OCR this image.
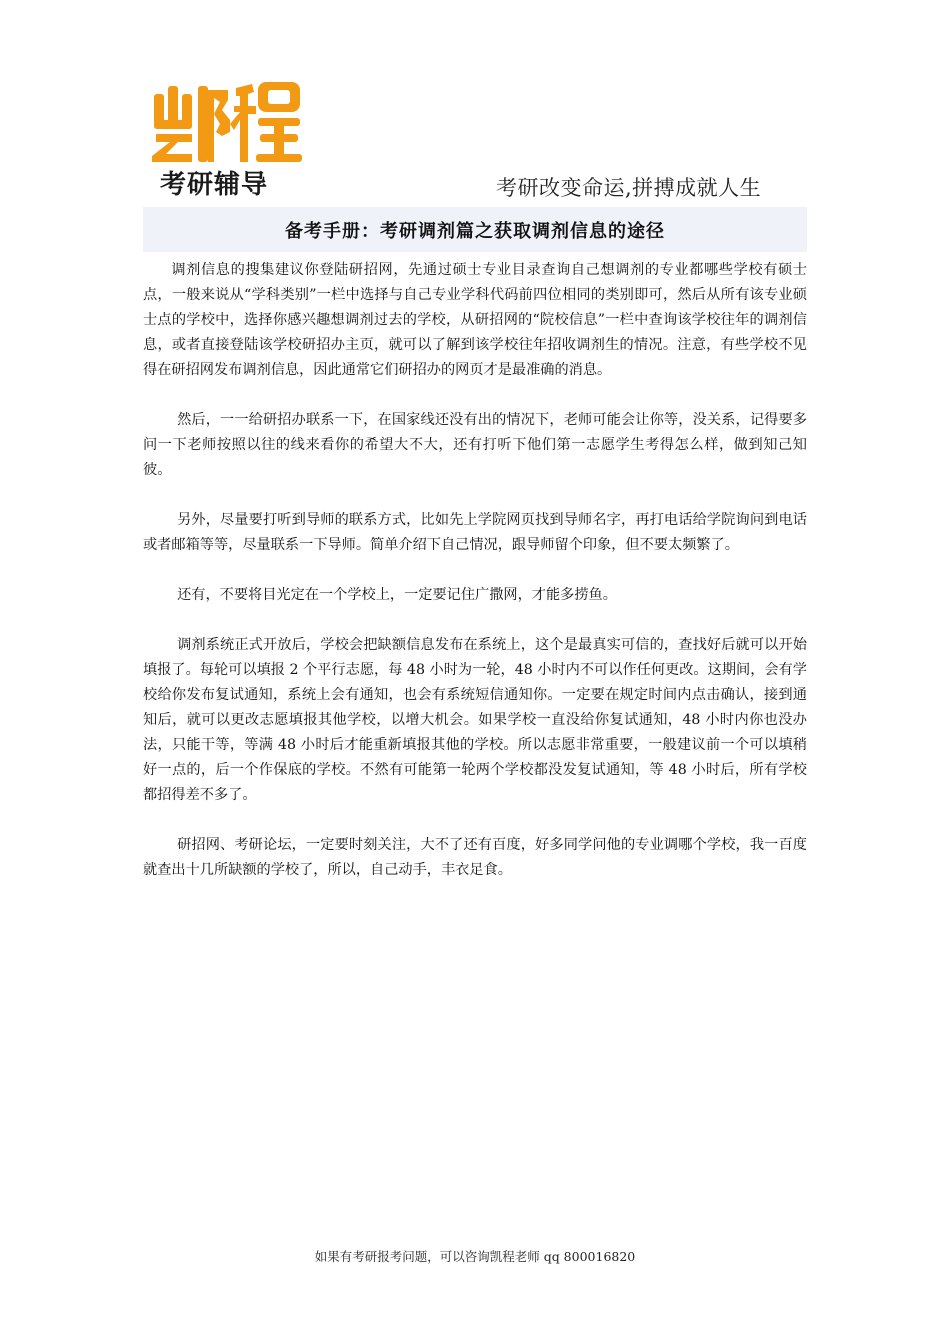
考研辅导	考研改变命运,拼搏成就人生
备考手册：考研调剂篇之获取调剂信息的途径

调剂信息的搜集建议你登陆研招网，先通过硕士专业目录查询自己想调剂的专业都哪些学校有硕士点，一般来说从“学科类别”一栏中选择与自己专业学科代码前四位相同的类别即可，然后从所有该专业硕士点的学校中，选择你感兴趣想调剂过去的学校，从研招网的“院校信息”一栏中查询该学校往年的调剂信息，或者直接登陆该学校研招办主页，就可以了解到该学校往年招收调剂生的情况。注意，有些学校不见得在研招网发布调剂信息，因此通常它们研招办的网页才是最准确的消息。

然后，一一给研招办联系一下，在国家线还没有出的情况下，老师可能会让你等，没关系，记得要多问一下老师按照以往的线来看你的希望大不大，还有打听下他们第一志愿学生考得怎么样，做到知己知彼。

另外，尽量要打听到导师的联系方式，比如先上学院网页找到导师名字，再打电话给学院询问到电话或者邮箱等等，尽量联系一下导师。简单介绍下自己情况，跟导师留个印象，但不要太频繁了。

还有，不要将目光定在一个学校上，一定要记住广撒网，才能多捞鱼。

调剂系统正式开放后，学校会把缺额信息发布在系统上，这个是最真实可信的，查找好后就可以开始填报了。每轮可以填报 2 个平行志愿，每 48 小时为一轮，48 小时内不可以作任何更改。这期间，会有学校给你发布复试通知，系统上会有通知，也会有系统短信通知你。一定要在规定时间内点击确认，接到通知后，就可以更改志愿填报其他学校，以增大机会。如果学校一直没给你复试通知，48 小时内你也没办法，只能干等，等满 48 小时后才能重新填报其他的学校。所以志愿非常重要，一般建议前一个可以填稍好一点的，后一个作保底的学校。不然有可能第一轮两个学校都没发复试通知，等 48 小时后，所有学校都招得差不多了。

研招网、考研论坛，一定要时刻关注，大不了还有百度，好多同学问他的专业调哪个学校，我一百度就查出十几所缺额的学校了，所以，自己动手，丰衣足食。

如果有考研报考问题，可以咨询凯程老师 qq 800016820
